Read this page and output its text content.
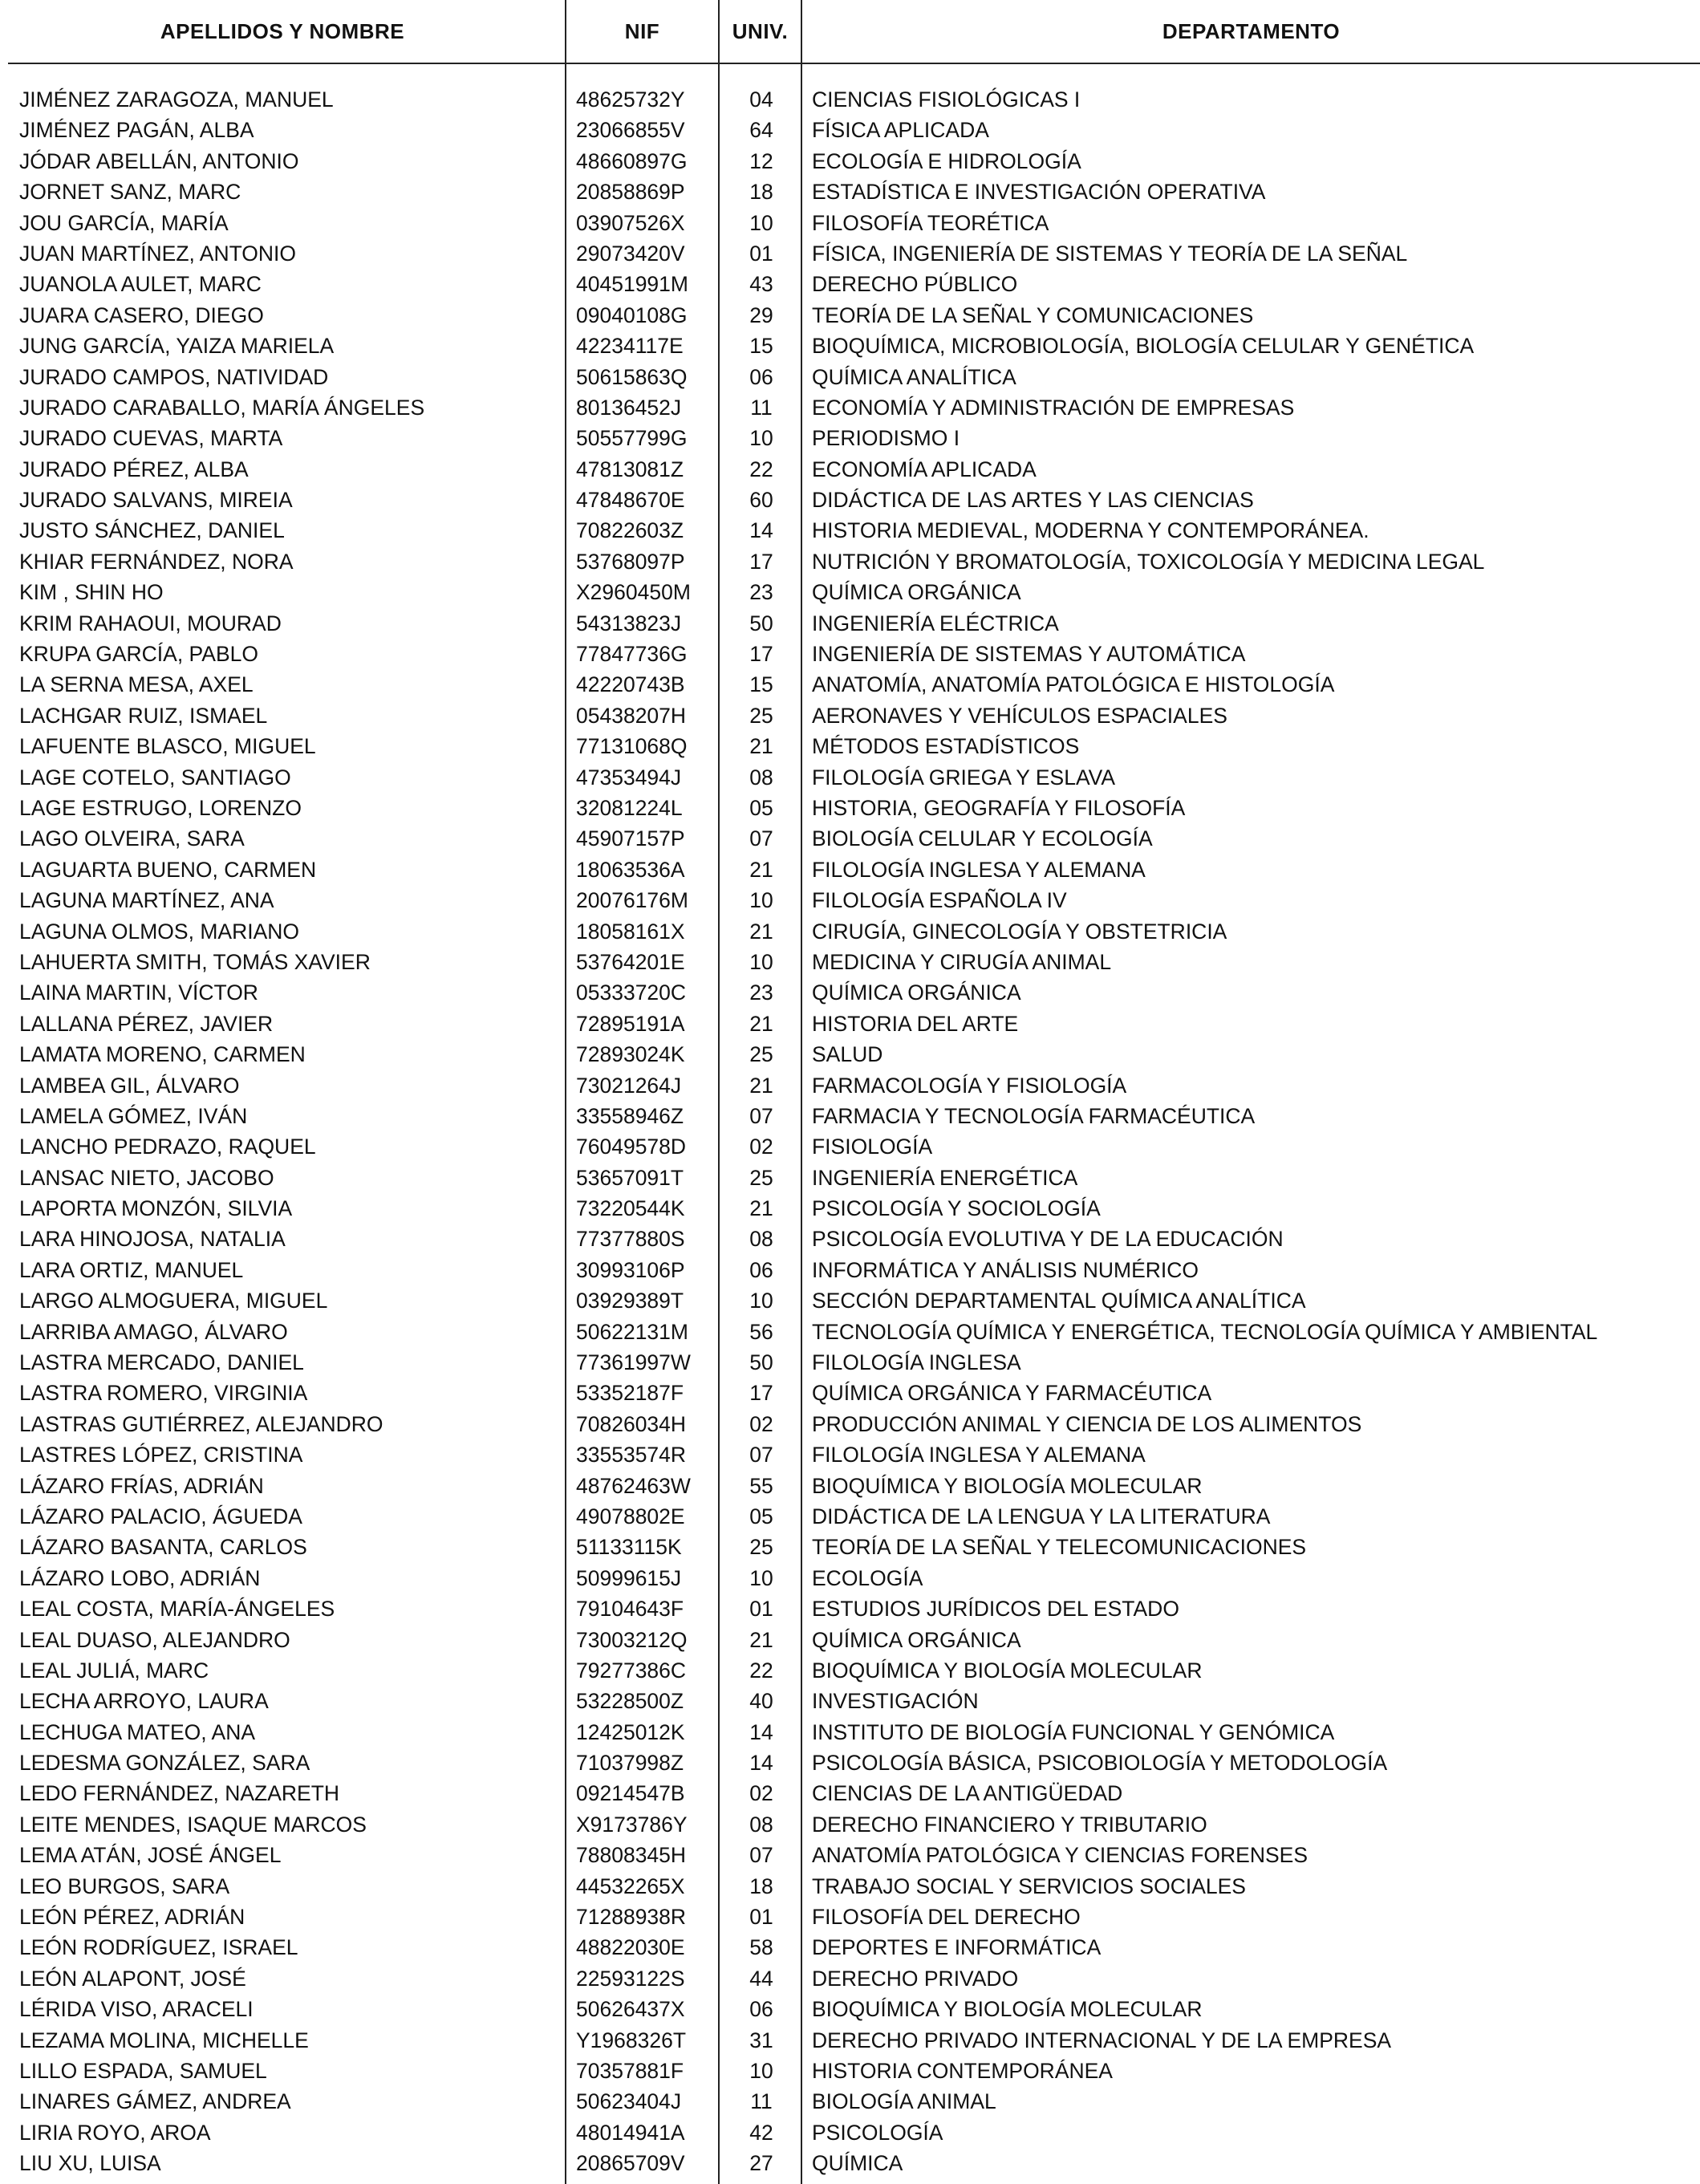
APELLIDOS Y NOMBRE	NIF	UNIV.	DEPARTAMENTO
JIMÉNEZ ZARAGOZA, MANUEL	48625732Y	04	CIENCIAS FISIOLÓGICAS I
JIMÉNEZ PAGÁN, ALBA	23066855V	64	FÍSICA APLICADA
JÓDAR ABELLÁN, ANTONIO	48660897G	12	ECOLOGÍA E HIDROLOGÍA
JORNET SANZ, MARC	20858869P	18	ESTADÍSTICA E INVESTIGACIÓN OPERATIVA
JOU GARCÍA, MARÍA	03907526X	10	FILOSOFÍA TEORÉTICA
JUAN MARTÍNEZ, ANTONIO	29073420V	01	FÍSICA, INGENIERÍA DE SISTEMAS Y TEORÍA DE LA SEÑAL
JUANOLA AULET, MARC	40451991M	43	DERECHO PÚBLICO
JUARA CASERO, DIEGO	09040108G	29	TEORÍA DE LA SEÑAL Y COMUNICACIONES
JUNG GARCÍA, YAIZA MARIELA	42234117E	15	BIOQUÍMICA, MICROBIOLOGÍA, BIOLOGÍA CELULAR Y GENÉTICA
JURADO CAMPOS, NATIVIDAD	50615863Q	06	QUÍMICA ANALÍTICA
JURADO CARABALLO, MARÍA ÁNGELES	80136452J	11	ECONOMÍA Y ADMINISTRACIÓN DE EMPRESAS
JURADO CUEVAS, MARTA	50557799G	10	PERIODISMO I
JURADO PÉREZ, ALBA	47813081Z	22	ECONOMÍA APLICADA
JURADO SALVANS, MIREIA	47848670E	60	DIDÁCTICA DE LAS ARTES Y LAS CIENCIAS
JUSTO SÁNCHEZ, DANIEL	70822603Z	14	HISTORIA MEDIEVAL, MODERNA Y CONTEMPORÁNEA.
KHIAR FERNÁNDEZ, NORA	53768097P	17	NUTRICIÓN Y BROMATOLOGÍA, TOXICOLOGÍA Y MEDICINA LEGAL
KIM , SHIN HO	X2960450M	23	QUÍMICA ORGÁNICA
KRIM RAHAOUI, MOURAD	54313823J	50	INGENIERÍA ELÉCTRICA
KRUPA GARCÍA, PABLO	77847736G	17	INGENIERÍA DE SISTEMAS Y AUTOMÁTICA
LA SERNA MESA, AXEL	42220743B	15	ANATOMÍA, ANATOMÍA PATOLÓGICA E HISTOLOGÍA
LACHGAR RUIZ, ISMAEL	05438207H	25	AERONAVES Y VEHÍCULOS ESPACIALES
LAFUENTE BLASCO, MIGUEL	77131068Q	21	MÉTODOS ESTADÍSTICOS
LAGE COTELO, SANTIAGO	47353494J	08	FILOLOGÍA GRIEGA Y ESLAVA
LAGE ESTRUGO, LORENZO	32081224L	05	HISTORIA, GEOGRAFÍA Y FILOSOFÍA
LAGO OLVEIRA, SARA	45907157P	07	BIOLOGÍA CELULAR Y ECOLOGÍA
LAGUARTA BUENO, CARMEN	18063536A	21	FILOLOGÍA INGLESA Y ALEMANA
LAGUNA MARTÍNEZ, ANA	20076176M	10	FILOLOGÍA ESPAÑOLA IV
LAGUNA OLMOS, MARIANO	18058161X	21	CIRUGÍA, GINECOLOGÍA Y OBSTETRICIA
LAHUERTA SMITH, TOMÁS XAVIER	53764201E	10	MEDICINA Y CIRUGÍA ANIMAL
LAINA MARTIN, VÍCTOR	05333720C	23	QUÍMICA ORGÁNICA
LALLANA PÉREZ, JAVIER	72895191A	21	HISTORIA DEL ARTE
LAMATA MORENO, CARMEN	72893024K	25	SALUD
LAMBEA GIL, ÁLVARO	73021264J	21	FARMACOLOGÍA Y FISIOLOGÍA
LAMELA GÓMEZ, IVÁN	33558946Z	07	FARMACIA Y TECNOLOGÍA FARMACÉUTICA
LANCHO PEDRAZO, RAQUEL	76049578D	02	FISIOLOGÍA
LANSAC NIETO, JACOBO	53657091T	25	INGENIERÍA ENERGÉTICA
LAPORTA MONZÓN, SILVIA	73220544K	21	PSICOLOGÍA Y SOCIOLOGÍA
LARA HINOJOSA, NATALIA	77377880S	08	PSICOLOGÍA EVOLUTIVA Y DE LA EDUCACIÓN
LARA ORTIZ, MANUEL	30993106P	06	INFORMÁTICA Y ANÁLISIS NUMÉRICO
LARGO ALMOGUERA, MIGUEL	03929389T	10	SECCIÓN DEPARTAMENTAL QUÍMICA ANALÍTICA
LARRIBA AMAGO, ÁLVARO	50622131M	56	TECNOLOGÍA QUÍMICA Y ENERGÉTICA, TECNOLOGÍA QUÍMICA Y AMBIENTAL
LASTRA MERCADO, DANIEL	77361997W	50	FILOLOGÍA INGLESA
LASTRA ROMERO, VIRGINIA	53352187F	17	QUÍMICA ORGÁNICA Y FARMACÉUTICA
LASTRAS GUTIÉRREZ, ALEJANDRO	70826034H	02	PRODUCCIÓN ANIMAL Y CIENCIA DE LOS ALIMENTOS
LASTRES LÓPEZ, CRISTINA	33553574R	07	FILOLOGÍA INGLESA Y ALEMANA
LÁZARO FRÍAS, ADRIÁN	48762463W	55	BIOQUÍMICA Y BIOLOGÍA MOLECULAR
LÁZARO PALACIO, ÁGUEDA	49078802E	05	DIDÁCTICA DE LA LENGUA Y LA LITERATURA
LÁZARO BASANTA, CARLOS	51133115K	25	TEORÍA DE LA SEÑAL Y TELECOMUNICACIONES
LÁZARO LOBO, ADRIÁN	50999615J	10	ECOLOGÍA
LEAL COSTA, MARÍA-ÁNGELES	79104643F	01	ESTUDIOS JURÍDICOS DEL ESTADO
LEAL DUASO, ALEJANDRO	73003212Q	21	QUÍMICA ORGÁNICA
LEAL JULIÁ, MARC	79277386C	22	BIOQUÍMICA Y BIOLOGÍA MOLECULAR
LECHA ARROYO, LAURA	53228500Z	40	INVESTIGACIÓN
LECHUGA MATEO, ANA	12425012K	14	INSTITUTO DE BIOLOGÍA FUNCIONAL Y GENÓMICA
LEDESMA GONZÁLEZ, SARA	71037998Z	14	PSICOLOGÍA BÁSICA, PSICOBIOLOGÍA Y METODOLOGÍA
LEDO FERNÁNDEZ, NAZARETH	09214547B	02	CIENCIAS DE LA ANTIGÜEDAD
LEITE MENDES, ISAQUE MARCOS	X9173786Y	08	DERECHO FINANCIERO Y TRIBUTARIO
LEMA ATÁN, JOSÉ ÁNGEL	78808345H	07	ANATOMÍA PATOLÓGICA Y CIENCIAS FORENSES
LEO BURGOS, SARA	44532265X	18	TRABAJO SOCIAL Y SERVICIOS SOCIALES
LEÓN PÉREZ, ADRIÁN	71288938R	01	FILOSOFÍA DEL DERECHO
LEÓN RODRÍGUEZ, ISRAEL	48822030E	58	DEPORTES E INFORMÁTICA
LEÓN ALAPONT, JOSÉ	22593122S	44	DERECHO PRIVADO
LÉRIDA VISO, ARACELI	50626437X	06	BIOQUÍMICA Y BIOLOGÍA MOLECULAR
LEZAMA MOLINA, MICHELLE	Y1968326T	31	DERECHO PRIVADO INTERNACIONAL Y DE LA EMPRESA
LILLO ESPADA, SAMUEL	70357881F	10	HISTORIA CONTEMPORÁNEA
LINARES GÁMEZ, ANDREA	50623404J	11	BIOLOGÍA ANIMAL
LIRIA ROYO, AROA	48014941A	42	PSICOLOGÍA
LIU XU, LUISA	20865709V	27	QUÍMICA
